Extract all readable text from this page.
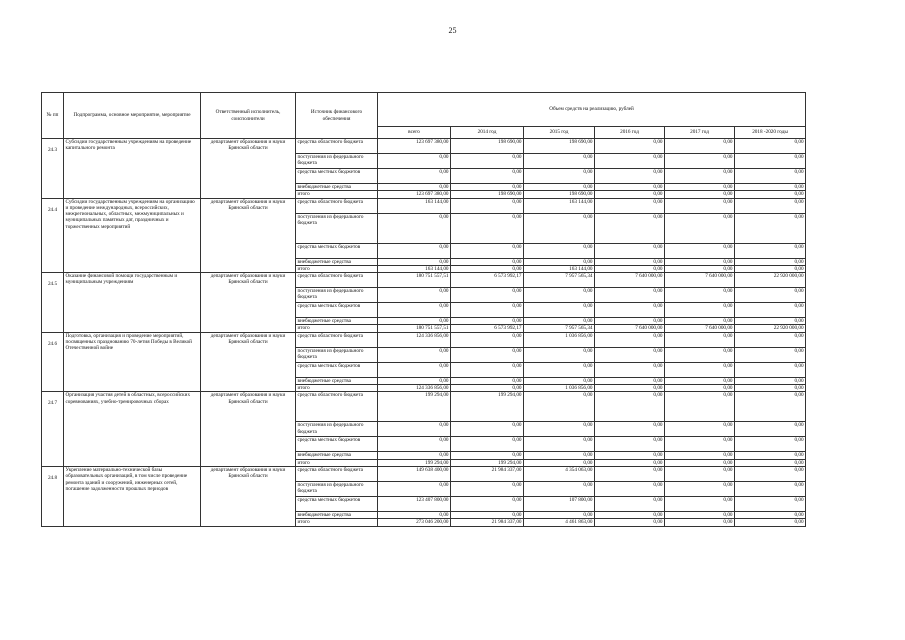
25
№ пп	Подпрограмма, основное мероприятие, мероприятие	Ответственный исполнитель, соисполнители	Источник финансового обеспечения	Объем средств на реализацию, рублей					
				всего	2014 год	2015 год	2016 год	2017 год	2018 -2020 годы
24.3	Субсидии государственным учреждениям на проведение капитального ремонта	департамент образования и науки Брянской области	средства областного бюджета	123 697 380,00	198 690,00	198 690,00	0,00	0,00	0,00
			поступления из федерального бюджета	0,00	0,00	0,00	0,00	0,00	0,00
			средства местных бюджетов	0,00	0,00	0,00	0,00	0,00	0,00
			внебюджетные средства	0,00	0,00	0,00	0,00	0,00	0,00
			итого	123 697 380,00	198 690,00	198 690,00	0,00	0,00	0,00
24.4	Субсидии государственным учреждениям на организацию и проведение международных, всероссийских, межрегиональных, областных, межмуниципальных и муниципальных памятных дат, праздничных и торжественных мероприятий	департамент образования и науки Брянской области	средства областного бюджета	163 144,00	0,00	163 144,00	0,00	0,00	0,00
			поступления из федерального бюджета	0,00	0,00	0,00	0,00	0,00	0,00
			средства местных бюджетов	0,00	0,00	0,00	0,00	0,00	0,00
			внебюджетные средства	0,00	0,00	0,00	0,00	0,00	0,00
			итого	163 144,00	0,00	163 144,00	0,00	0,00	0,00
24.5	Оказание финансовой помощи государственным и муниципальным учреждениям	департамент образования и науки Брянской области	средства областного бюджета	180 751 557,51	6 573 992,17	7 957 565,34	7 640 000,00	7 640 000,00	22 920 000,00
			поступления из федерального бюджета	0,00	0,00	0,00	0,00	0,00	0,00
			средства местных бюджетов	0,00	0,00	0,00	0,00	0,00	0,00
			внебюджетные средства	0,00	0,00	0,00	0,00	0,00	0,00
			итого	180 751 557,51	6 573 992,17	7 957 565,34	7 640 000,00	7 640 000,00	22 920 000,00
24.6	Подготовка, организация и проведение мероприятий, посвященных празднованию 70-летия Победы в Великой Отечественной войне	департамент образования и науки Брянской области	средства областного бюджета	124 336 856,00	0,00	1 036 856,00	0,00	0,00	0,00
			поступления из федерального бюджета	0,00	0,00	0,00	0,00	0,00	0,00
			средства местных бюджетов	0,00	0,00	0,00	0,00	0,00	0,00
			внебюджетные средства	0,00	0,00	0,00	0,00	0,00	0,00
			итого	124 336 856,00	0,00	1 036 856,00	0,00	0,00	0,00
24.7	Организация участия детей в областных, всероссийских соревнованиях, учебно-тренировочных сборах	департамент образования и науки Брянской области	средства областного бюджета	199 294,00	199 294,00	0,00	0,00	0,00	0,00
			поступления из федерального бюджета	0,00	0,00	0,00	0,00	0,00	0,00
			средства местных бюджетов	0,00	0,00	0,00	0,00	0,00	0,00
			внебюджетные средства	0,00	0,00	0,00	0,00	0,00	0,00
			итого	199 294,00	199 294,00	0,00	0,00	0,00	0,00
24.8	Укрепление материально-технической базы образовательных организаций, в том числе проведение ремонта зданий и сооружений, инженерных сетей, погашение задолженности прошлых периодов	департамент образования и науки Брянской области	средства областного бюджета	149 638 400,00	21 984 337,00	4 354 063,00	0,00	0,00	0,00
			поступления из федерального бюджета	0,00	0,00	0,00	0,00	0,00	0,00
			средства местных бюджетов	123 407 800,00	0,00	107 800,00	0,00	0,00	0,00
			внебюджетные средства	0,00	0,00	0,00	0,00	0,00	0,00
			итого	273 046 200,00	21 984 337,00	4 461 863,00	0,00	0,00	0,00
